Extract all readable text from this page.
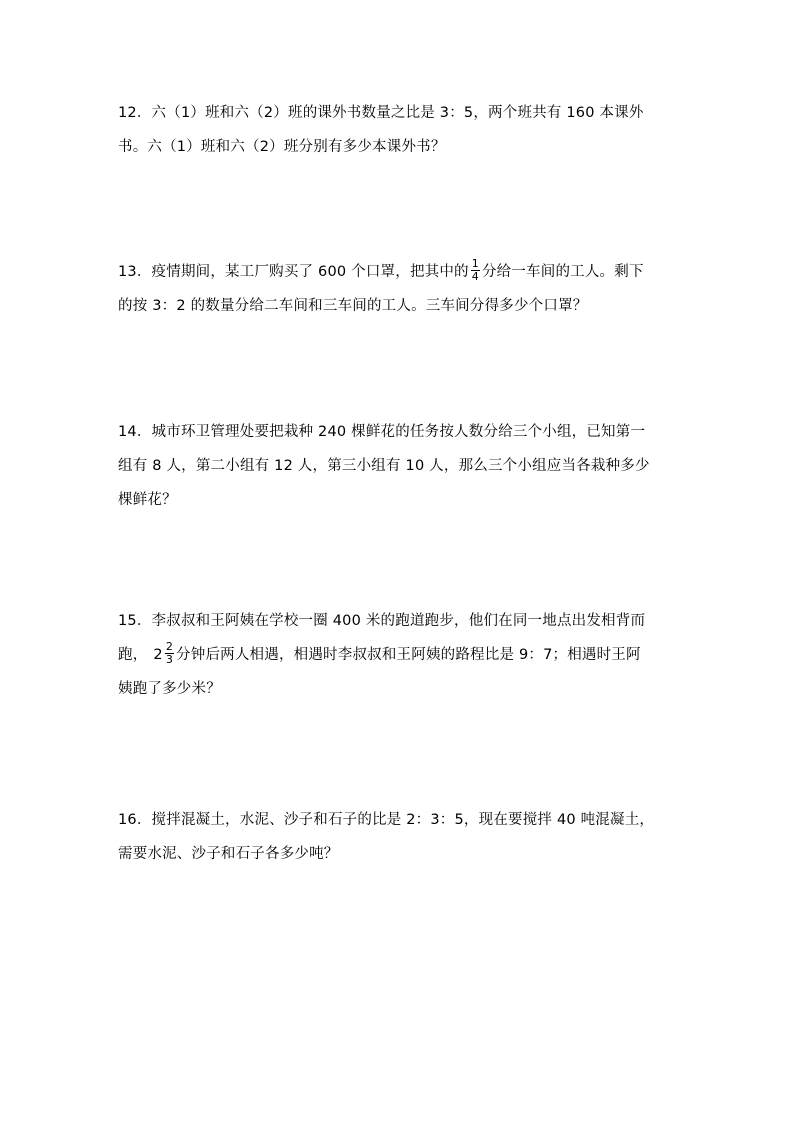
12．六（1）班和六（2）班的课外书数量之比是 3：5，两个班共有 160 本课外
书。六（1）班和六（2）班分别有多少本课外书？
13．疫情期间，某工厂购买了 600 个口罩，把其中的 $\frac{1}{4}$ 分给一车间的工人。剩下
的按 3：2 的数量分给二车间和三车间的工人。三车间分得多少个口罩？
14．城市环卫管理处要把栽种 240 棵鲜花的任务按人数分给三个小组，已知第一
组有 8 人，第二小组有 12 人，第三小组有 10 人，那么三个小组应当各栽种多少
棵鲜花？
15．李叔叔和王阿姨在学校一圈 400 米的跑道跑步，他们在同一地点出发相背而
跑， $2 \frac{2}{3}$ 分钟后两人相遇，相遇时李叔叔和王阿姨的路程比是 9：7；相遇时王阿
姨跑了多少米？
16．搅拌混凝土，水泥、沙子和石子的比是 2：3：5，现在要搅拌 40 吨混凝土，
需要水泥、沙子和石子各多少吨？
